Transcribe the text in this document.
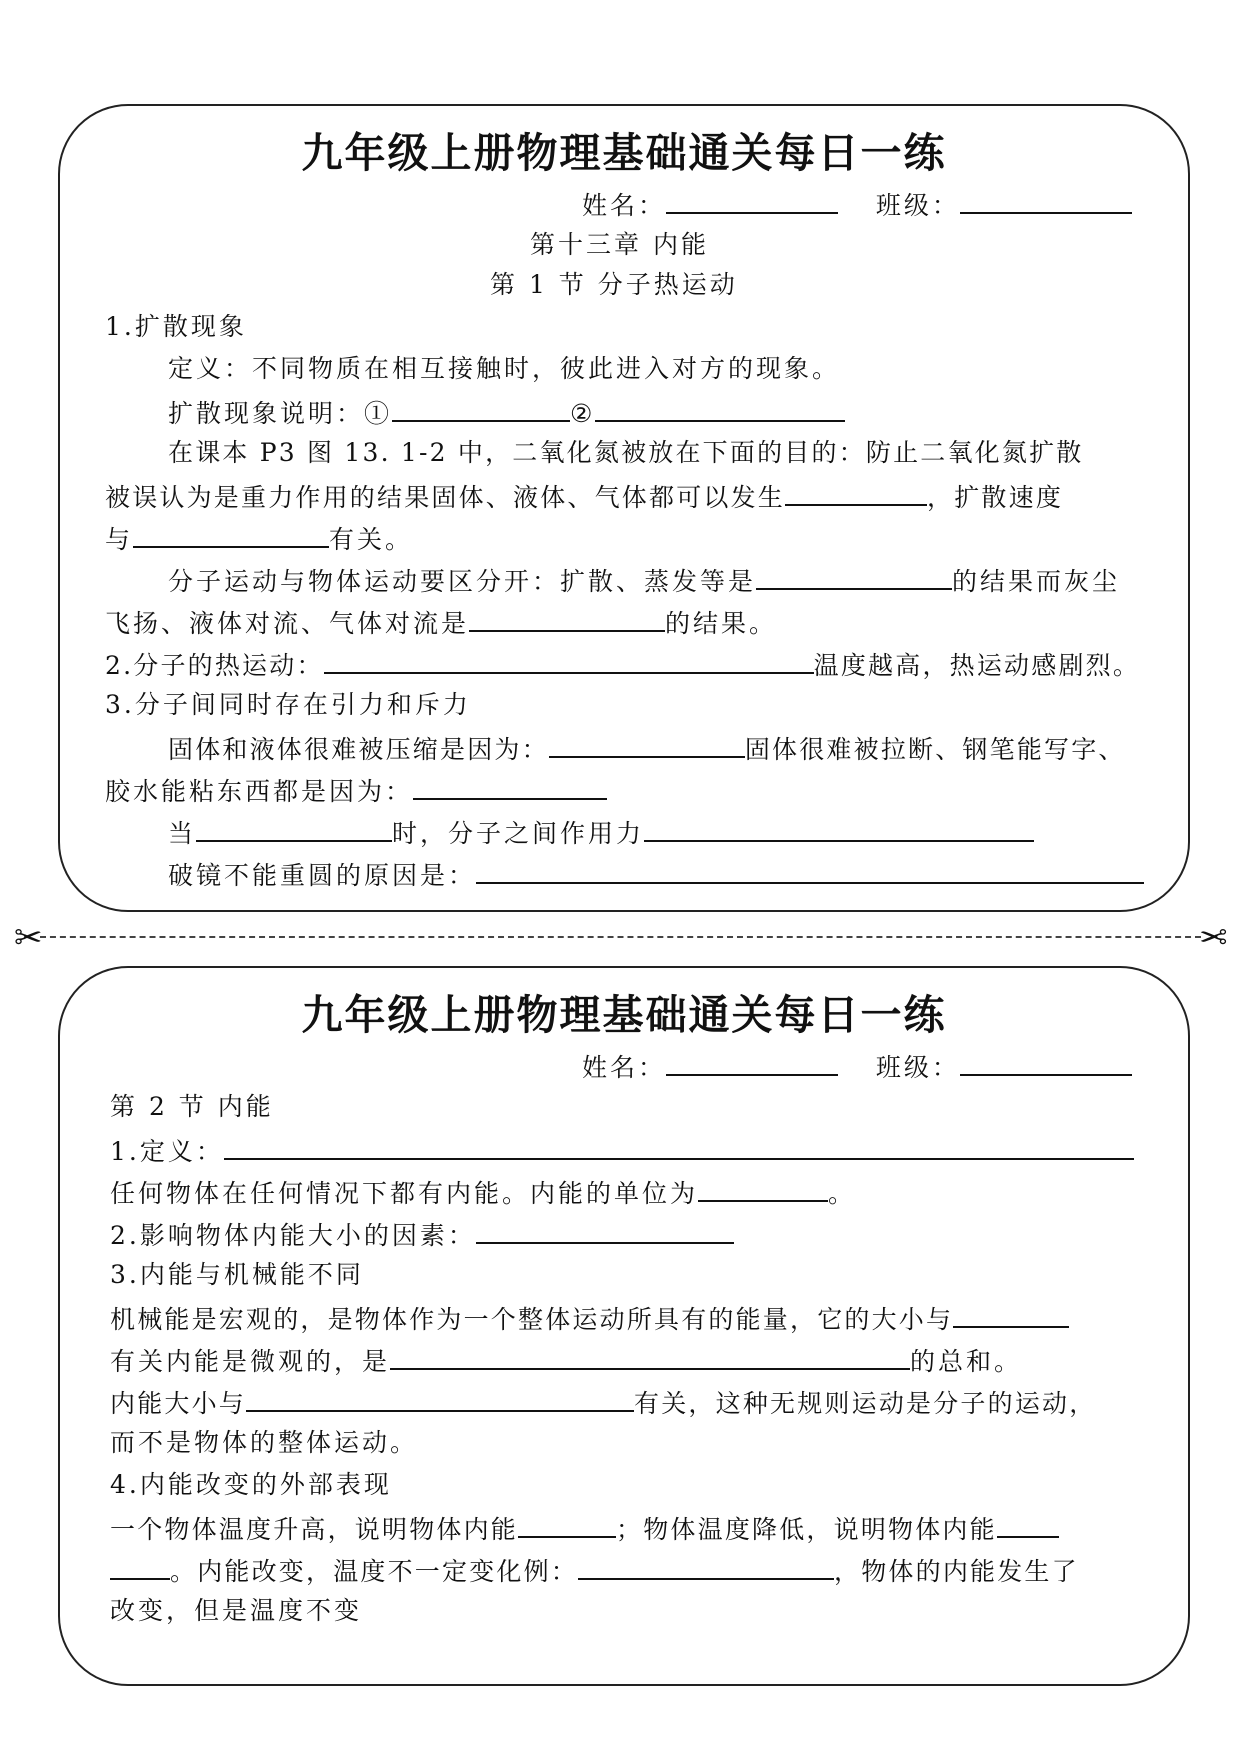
九年级上册物理基础通关每日一练
姓名：	班级：
第十三章 内能
第 1 节 分子热运动
1.扩散现象
定义：不同物质在相互接触时，彼此进入对方的现象。
扩散现象说明：①	②
在课本 P3 图 13. 1-2 中，二氧化氮被放在下面的目的：防止二氧化氮扩散
被误认为是重力作用的结果固体、液体、气体都可以发生	，扩散速度
与	有关。
分子运动与物体运动要区分开：扩散、蒸发等是	的结果而灰尘
飞扬、液体对流、气体对流是	的结果。
2.分子的热运动：	温度越高，热运动感剧烈。
3.分子间同时存在引力和斥力
固体和液体很难被压缩是因为：	固体很难被拉断、钢笔能写字、
胶水能粘东西都是因为：
当	时，分子之间作用力
破镜不能重圆的原因是：
✂	✂
九年级上册物理基础通关每日一练
姓名：	班级：
第 2 节 内能
1.定义：
任何物体在任何情况下都有内能。内能的单位为	。
2.影响物体内能大小的因素：
3.内能与机械能不同
机械能是宏观的，是物体作为一个整体运动所具有的能量，它的大小与
有关内能是微观的，是	的总和。
内能大小与	有关，这种无规则运动是分子的运动，
而不是物体的整体运动。
4.内能改变的外部表现
一个物体温度升高，说明物体内能	；物体温度降低，说明物体内能
。内能改变，温度不一定变化例：	，物体的内能发生了
改变，但是温度不变
